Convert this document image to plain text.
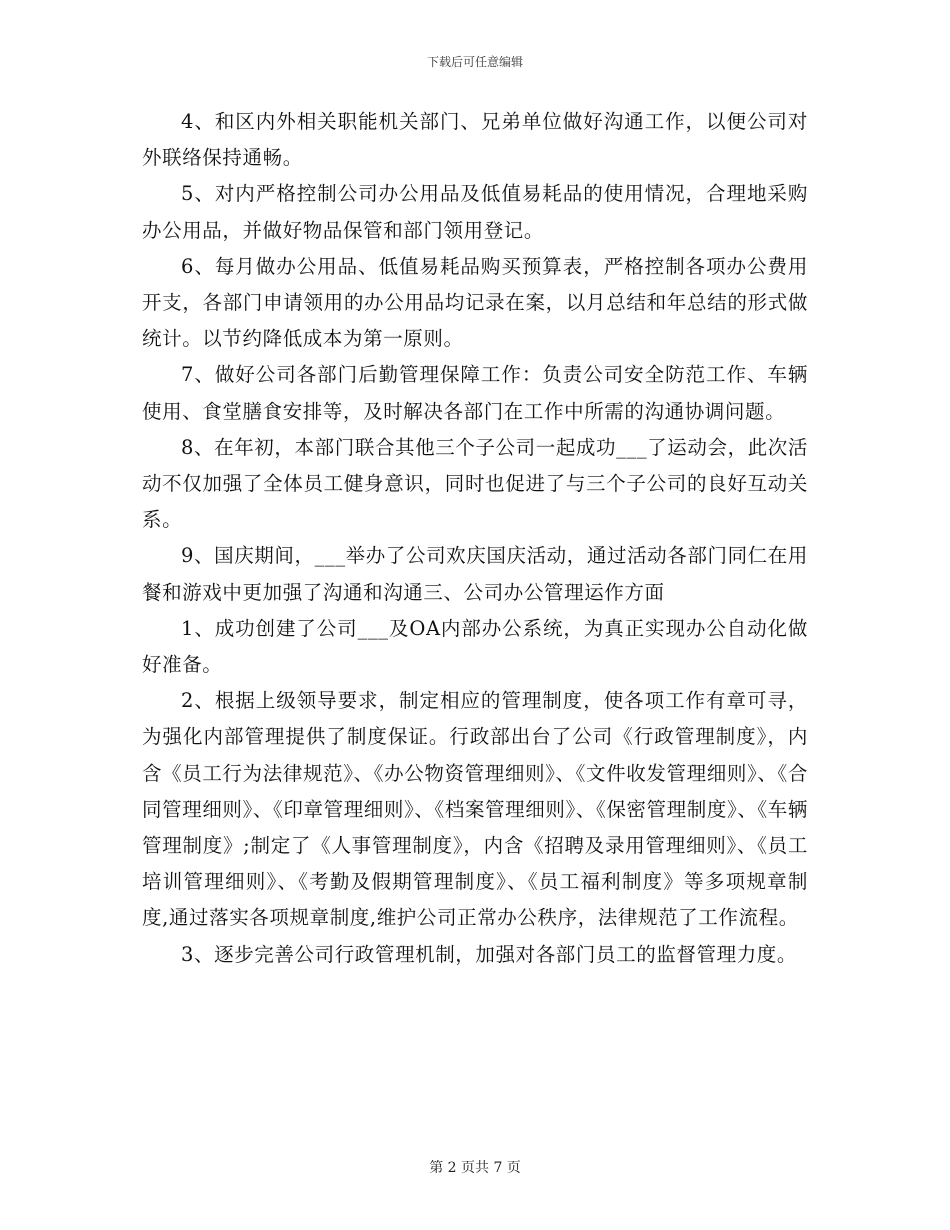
下载后可任意编辑

4、和区内外相关职能机关部门、兄弟单位做好沟通工作，以便公司对外联络保持通畅。

5、对内严格控制公司办公用品及低值易耗品的使用情况，合理地采购办公用品，并做好物品保管和部门领用登记。

6、每月做办公用品、低值易耗品购买预算表，严格控制各项办公费用开支，各部门申请领用的办公用品均记录在案，以月总结和年总结的形式做统计。以节约降低成本为第一原则。

7、做好公司各部门后勤管理保障工作：负责公司安全防范工作、车辆使用、食堂膳食安排等，及时解决各部门在工作中所需的沟通协调问题。

8、在年初，本部门联合其他三个子公司一起成功___了运动会，此次活动不仅加强了全体员工健身意识，同时也促进了与三个子公司的良好互动关系。

9、国庆期间，___举办了公司欢庆国庆活动，通过活动各部门同仁在用餐和游戏中更加强了沟通和沟通三、公司办公管理运作方面

1、成功创建了公司___及OA内部办公系统，为真正实现办公自动化做好准备。

2、根据上级领导要求，制定相应的管理制度，使各项工作有章可寻，为强化内部管理提供了制度保证。行政部出台了公司《行政管理制度》，内含《员工行为法律规范》、《办公物资管理细则》、《文件收发管理细则》、《合同管理细则》、《印章管理细则》、《档案管理细则》、《保密管理制度》、《车辆管理制度》;制定了《人事管理制度》，内含《招聘及录用管理细则》、《员工培训管理细则》、《考勤及假期管理制度》、《员工福利制度》等多项规章制度,通过落实各项规章制度,维护公司正常办公秩序，法律规范了工作流程。

3、逐步完善公司行政管理机制，加强对各部门员工的监督管理力度。

第 2 页共 7 页
